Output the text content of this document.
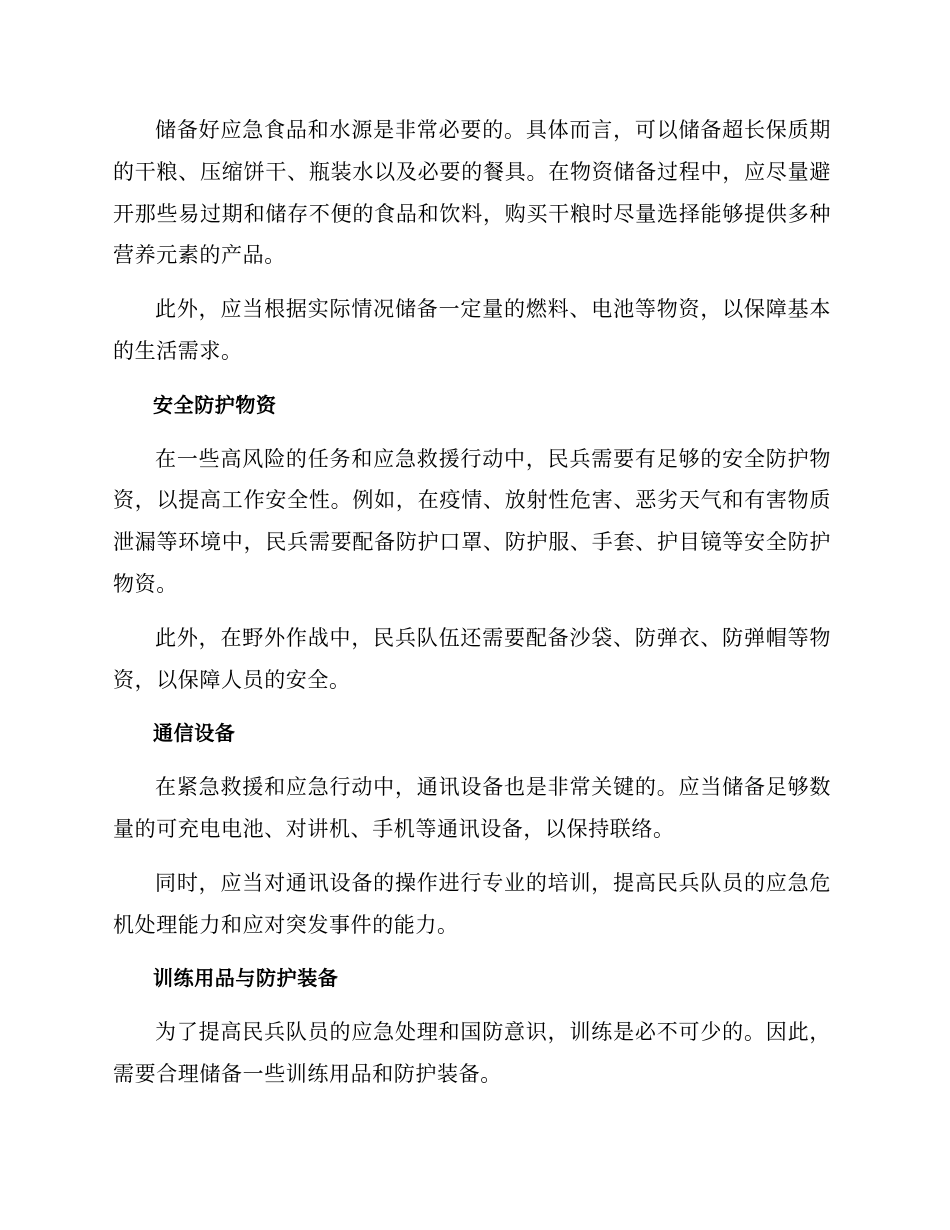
储备好应急食品和水源是非常必要的。具体而言，可以储备超长保质期的干粮、压缩饼干、瓶装水以及必要的餐具。在物资储备过程中，应尽量避开那些易过期和储存不便的食品和饮料，购买干粮时尽量选择能够提供多种营养元素的产品。

此外，应当根据实际情况储备一定量的燃料、电池等物资，以保障基本的生活需求。

安全防护物资

在一些高风险的任务和应急救援行动中，民兵需要有足够的安全防护物资，以提高工作安全性。例如，在疫情、放射性危害、恶劣天气和有害物质泄漏等环境中，民兵需要配备防护口罩、防护服、手套、护目镜等安全防护物资。

此外，在野外作战中，民兵队伍还需要配备沙袋、防弹衣、防弹帽等物资，以保障人员的安全。

通信设备

在紧急救援和应急行动中，通讯设备也是非常关键的。应当储备足够数量的可充电电池、对讲机、手机等通讯设备，以保持联络。

同时，应当对通讯设备的操作进行专业的培训，提高民兵队员的应急危机处理能力和应对突发事件的能力。

训练用品与防护装备

为了提高民兵队员的应急处理和国防意识，训练是必不可少的。因此，需要合理储备一些训练用品和防护装备。
